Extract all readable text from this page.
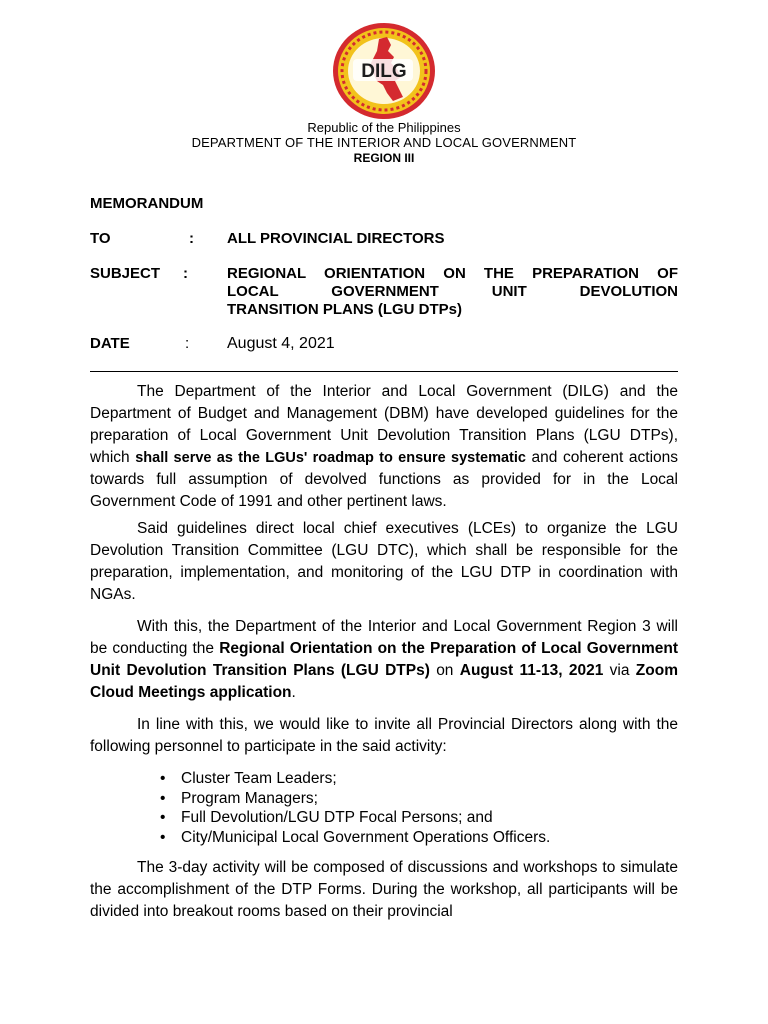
DILG
Republic of the Philippines
DEPARTMENT OF THE INTERIOR AND LOCAL GOVERNMENT
REGION III
MEMORANDUM
TO	: ALL PROVINCIAL DIRECTORS
SUBJECT :	REGIONAL ORIENTATION ON THE PREPARATION OF
LOCAL GOVERNMENT UNIT DEVOLUTION
TRANSITION PLANS (LGU DTPs)
DATE	: August 4, 2021
The Department of the Interior and Local Government (DILG) and the Department of Budget and Management (DBM) have developed guidelines for the preparation of Local Government Unit Devolution Transition Plans (LGU DTPs), which shall serve as the LGUs' roadmap to ensure systematic and coherent actions towards full assumption of devolved functions as provided for in the Local Government Code of 1991 and other pertinent laws.
Said guidelines direct local chief executives (LCEs) to organize the LGU Devolution Transition Committee (LGU DTC), which shall be responsible for the preparation, implementation, and monitoring of the LGU DTP in coordination with NGAs.
With this, the Department of the Interior and Local Government Region 3 will be conducting the Regional Orientation on the Preparation of Local Government Unit Devolution Transition Plans (LGU DTPs) on August 11-13, 2021 via Zoom Cloud Meetings application.
In line with this, we would like to invite all Provincial Directors along with the following personnel to participate in the said activity:
• Cluster Team Leaders;
• Program Managers;
• Full Devolution/LGU DTP Focal Persons; and
• City/Municipal Local Government Operations Officers.
The 3-day activity will be composed of discussions and workshops to simulate the accomplishment of the DTP Forms. During the workshop, all participants will be divided into breakout rooms based on their provincial
